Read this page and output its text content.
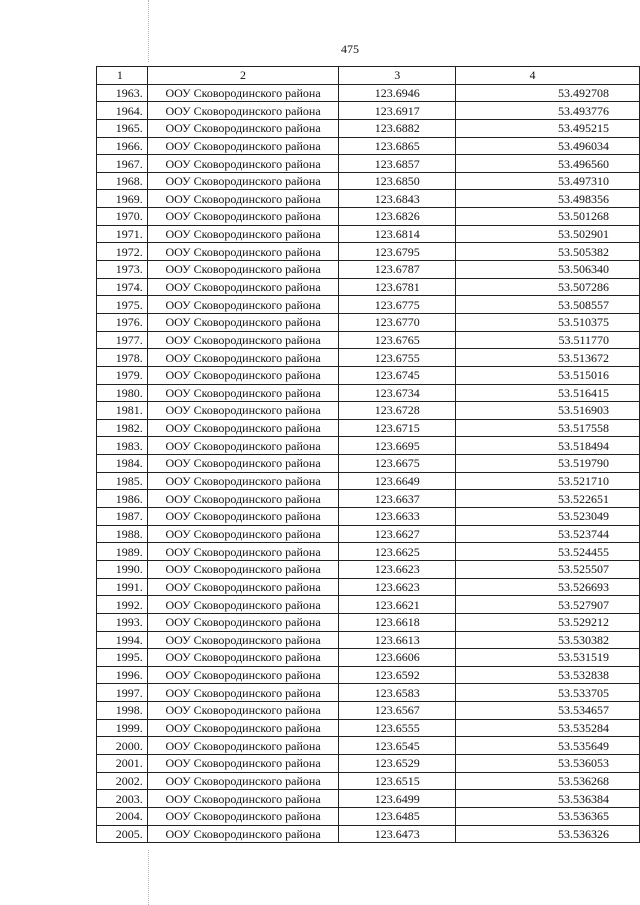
475
1	2	3	4
1963.	ООУ Сковородинского района	123.6946	53.492708
1964.	ООУ Сковородинского района	123.6917	53.493776
1965.	ООУ Сковородинского района	123.6882	53.495215
1966.	ООУ Сковородинского района	123.6865	53.496034
1967.	ООУ Сковородинского района	123.6857	53.496560
1968.	ООУ Сковородинского района	123.6850	53.497310
1969.	ООУ Сковородинского района	123.6843	53.498356
1970.	ООУ Сковородинского района	123.6826	53.501268
1971.	ООУ Сковородинского района	123.6814	53.502901
1972.	ООУ Сковородинского района	123.6795	53.505382
1973.	ООУ Сковородинского района	123.6787	53.506340
1974.	ООУ Сковородинского района	123.6781	53.507286
1975.	ООУ Сковородинского района	123.6775	53.508557
1976.	ООУ Сковородинского района	123.6770	53.510375
1977.	ООУ Сковородинского района	123.6765	53.511770
1978.	ООУ Сковородинского района	123.6755	53.513672
1979.	ООУ Сковородинского района	123.6745	53.515016
1980.	ООУ Сковородинского района	123.6734	53.516415
1981.	ООУ Сковородинского района	123.6728	53.516903
1982.	ООУ Сковородинского района	123.6715	53.517558
1983.	ООУ Сковородинского района	123.6695	53.518494
1984.	ООУ Сковородинского района	123.6675	53.519790
1985.	ООУ Сковородинского района	123.6649	53.521710
1986.	ООУ Сковородинского района	123.6637	53.522651
1987.	ООУ Сковородинского района	123.6633	53.523049
1988.	ООУ Сковородинского района	123.6627	53.523744
1989.	ООУ Сковородинского района	123.6625	53.524455
1990.	ООУ Сковородинского района	123.6623	53.525507
1991.	ООУ Сковородинского района	123.6623	53.526693
1992.	ООУ Сковородинского района	123.6621	53.527907
1993.	ООУ Сковородинского района	123.6618	53.529212
1994.	ООУ Сковородинского района	123.6613	53.530382
1995.	ООУ Сковородинского района	123.6606	53.531519
1996.	ООУ Сковородинского района	123.6592	53.532838
1997.	ООУ Сковородинского района	123.6583	53.533705
1998.	ООУ Сковородинского района	123.6567	53.534657
1999.	ООУ Сковородинского района	123.6555	53.535284
2000.	ООУ Сковородинского района	123.6545	53.535649
2001.	ООУ Сковородинского района	123.6529	53.536053
2002.	ООУ Сковородинского района	123.6515	53.536268
2003.	ООУ Сковородинского района	123.6499	53.536384
2004.	ООУ Сковородинского района	123.6485	53.536365
2005.	ООУ Сковородинского района	123.6473	53.536326
